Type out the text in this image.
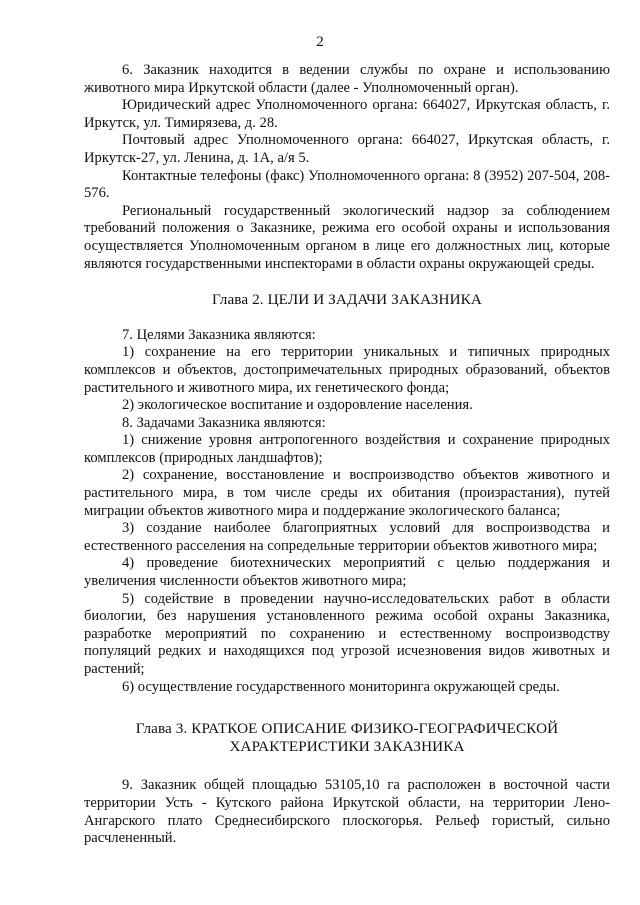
2

6. Заказник находится в ведении службы по охране и использованию животного мира Иркутской области (далее - Уполномоченный орган).

Юридический адрес Уполномоченного органа: 664027, Иркутская область, г. Иркутск, ул. Тимирязева, д. 28.

Почтовый адрес Уполномоченного органа: 664027, Иркутская область, г. Иркутск-27, ул. Ленина, д. 1А, а/я 5.

Контактные телефоны (факс) Уполномоченного органа: 8 (3952) 207-504, 208-576.

Региональный государственный экологический надзор за соблюдением требований положения о Заказнике, режима его особой охраны и использования осуществляется Уполномоченным органом в лице его должностных лиц, которые являются государственными инспекторами в области охраны окружающей среды.

Глава 2. ЦЕЛИ И ЗАДАЧИ ЗАКАЗНИКА

7. Целями Заказника являются:

1) сохранение на его территории уникальных и типичных природных комплексов и объектов, достопримечательных природных образований, объектов растительного и животного мира, их генетического фонда;

2) экологическое воспитание и оздоровление населения.

8. Задачами Заказника являются:

1) снижение уровня антропогенного воздействия и сохранение природных комплексов (природных ландшафтов);

2) сохранение, восстановление и воспроизводство объектов животного и растительного мира, в том числе среды их обитания (произрастания), путей миграции объектов животного мира и поддержание экологического баланса;

3) создание наиболее благоприятных условий для воспроизводства и естественного расселения на сопредельные территории объектов животного мира;

4) проведение биотехнических мероприятий с целью поддержания и увеличения численности объектов животного мира;

5) содействие в проведении научно-исследовательских работ в области биологии, без нарушения установленного режима особой охраны Заказника, разработке мероприятий по сохранению и естественному воспроизводству популяций редких и находящихся под угрозой исчезновения видов животных и растений;

6) осуществление государственного мониторинга окружающей среды.

Глава 3. КРАТКОЕ ОПИСАНИЕ ФИЗИКО-ГЕОГРАФИЧЕСКОЙ

ХАРАКТЕРИСТИКИ ЗАКАЗНИКА

9. Заказник общей площадью 53105,10 га расположен в восточной части территории Усть - Кутского района Иркутской области, на территории Лено-Ангарского плато Среднесибирского плоскогорья. Рельеф гористый, сильно расчлененный.
